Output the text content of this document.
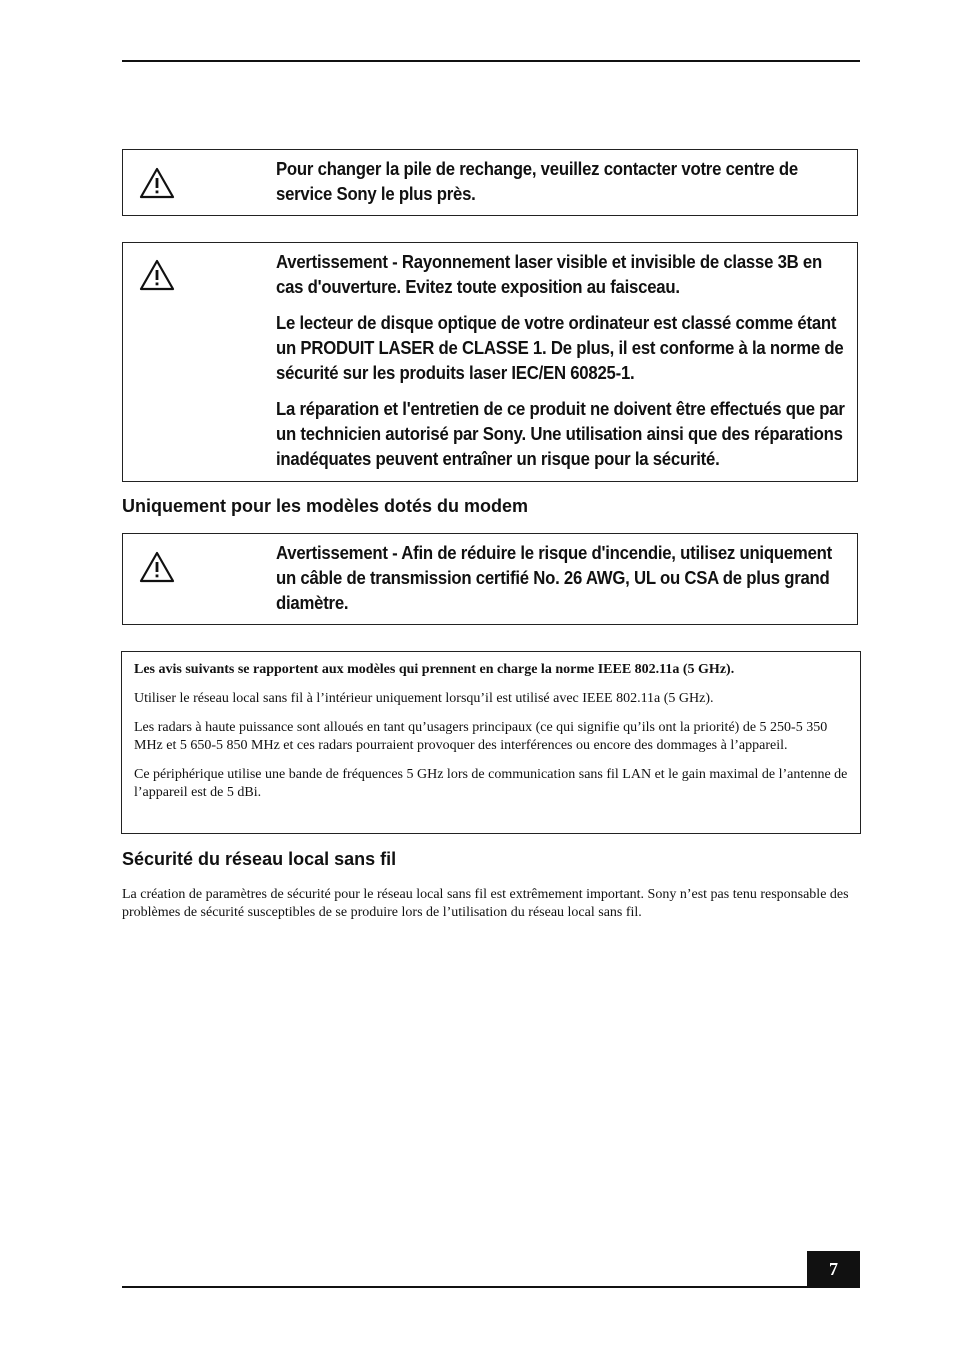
Pour changer la pile de rechange, veuillez contacter votre centre de service Sony le plus près.

Avertissement - Rayonnement laser visible et invisible de classe 3B en cas d'ouverture. Evitez toute exposition au faisceau.

Le lecteur de disque optique de votre ordinateur est classé comme étant un PRODUIT LASER de CLASSE 1. De plus, il est conforme à la norme de sécurité sur les produits laser IEC/EN 60825-1.

La réparation et l'entretien de ce produit ne doivent être effectués que par un technicien autorisé par Sony. Une utilisation ainsi que des réparations inadéquates peuvent entraîner un risque pour la sécurité.

Uniquement pour les modèles dotés du modem

Avertissement - Afin de réduire le risque d'incendie, utilisez uniquement un câble de transmission certifié No. 26 AWG, UL ou CSA de plus grand diamètre.

Les avis suivants se rapportent aux modèles qui prennent en charge la norme IEEE 802.11a (5 GHz).

Utiliser le réseau local sans fil à l’intérieur uniquement lorsqu’il est utilisé avec IEEE 802.11a (5 GHz).

Les radars à haute puissance sont alloués en tant qu’usagers principaux (ce qui signifie qu’ils ont la priorité) de 5 250-5 350 MHz et 5 650-5 850 MHz et ces radars pourraient provoquer des interférences ou encore des dommages à l’appareil.

Ce périphérique utilise une bande de fréquences 5 GHz lors de communication sans fil LAN et le gain maximal de l’antenne de l’appareil est de 5 dBi.

Sécurité du réseau local sans fil

La création de paramètres de sécurité pour le réseau local sans fil est extrêmement important. Sony n’est pas tenu responsable des problèmes de sécurité susceptibles de se produire lors de l’utilisation du réseau local sans fil.

7
